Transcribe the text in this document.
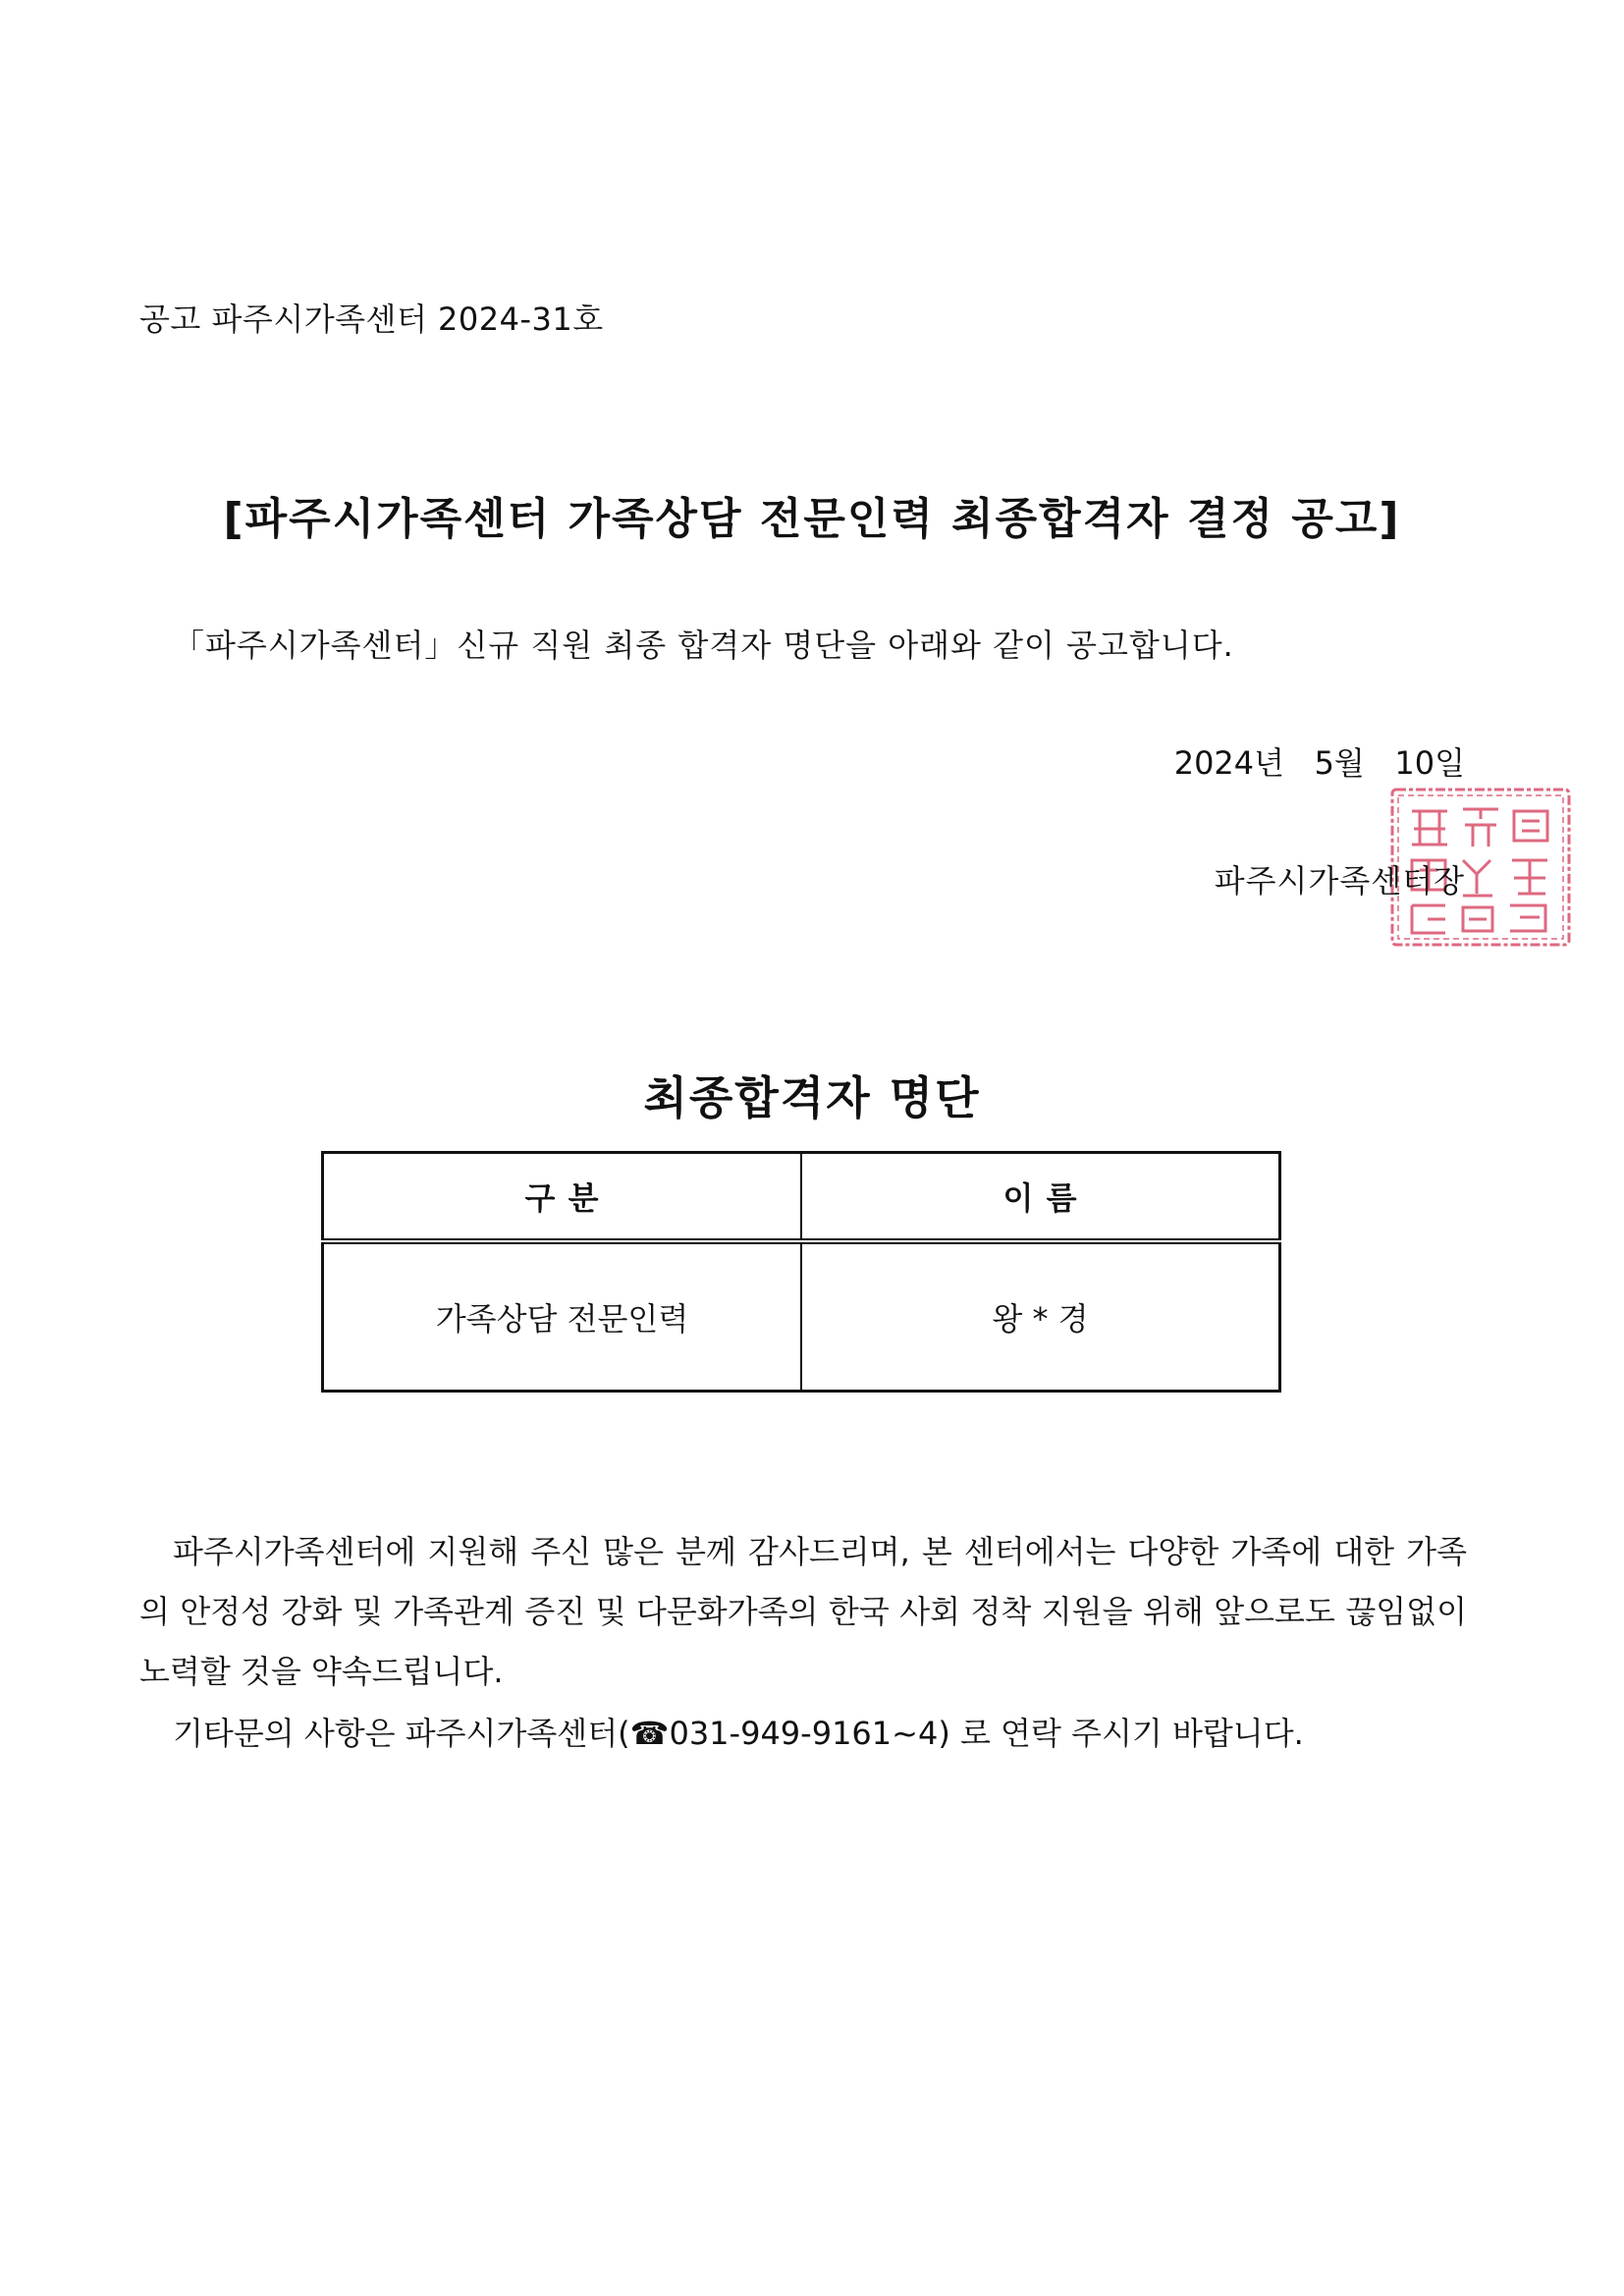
공고 파주시가족센터 2024-31호
[파주시가족센터 가족상담 전문인력 최종합격자 결정 공고]
「파주시가족센터」신규 직원 최종 합격자 명단을 아래와 같이 공고합니다.
2024년   5월   10일
파주시가족센터장
최종합격자 명단
구 분	이 름
가족상담 전문인력	왕 * 경

파주시가족센터에 지원해 주신 많은 분께 감사드리며, 본 센터에서는 다양한 가족에 대한 가족의 안정성 강화 및 가족관계 증진 및 다문화가족의 한국 사회 정착 지원을 위해 앞으로도 끊임없이 노력할 것을 약속드립니다.

기타문의 사항은 파주시가족센터(☎031-949-9161~4) 로 연락 주시기 바랍니다.
